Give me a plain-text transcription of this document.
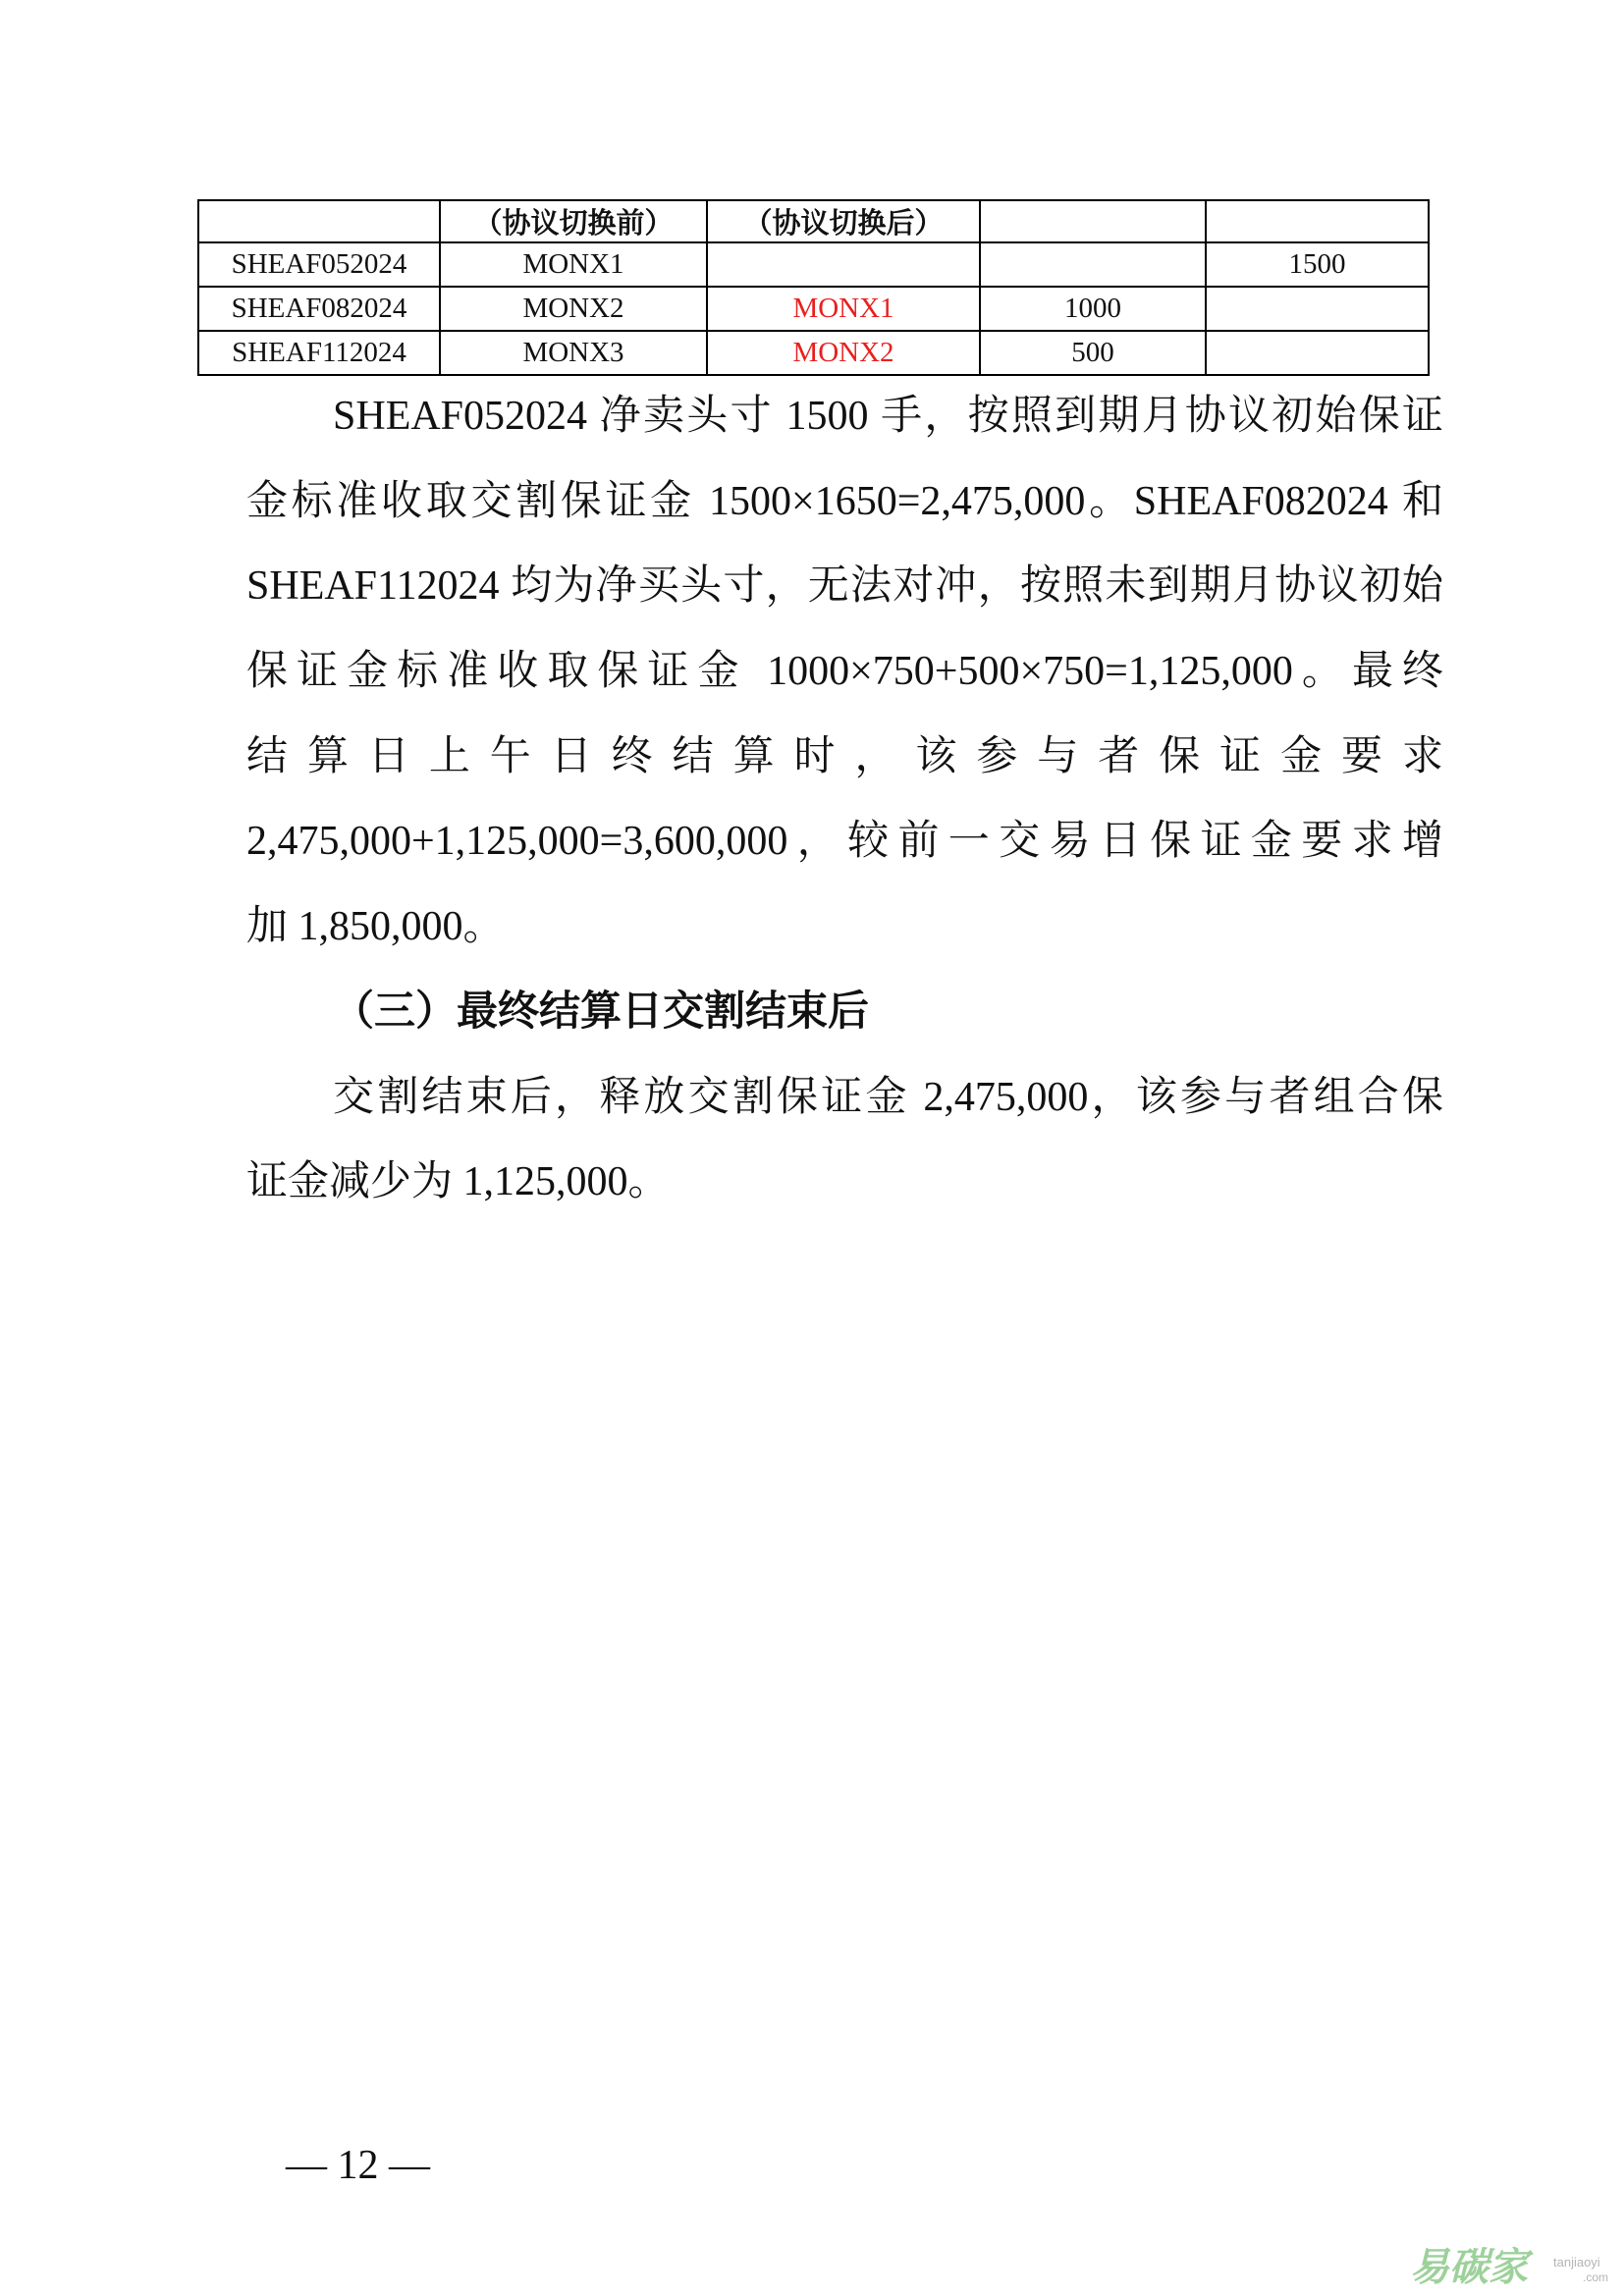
	（协议切换前）	（协议切换后）		
SHEAF052024	MONX1			1500
SHEAF082024	MONX2	MONX1	1000	
SHEAF112024	MONX3	MONX2	500	
SHEAF052024 净卖头寸 1500 手，按照到期月协议初始保证
金标准收取交割保证金 1500×1650=2,475,000。SHEAF082024 和
SHEAF112024 均为净买头寸，无法对冲，按照未到期月协议初始
保证金标准收取保证金 1000×750+500×750=1,125,000。最终
结算日上午日终结算时，该参与者保证金要求
2,475,000+1,125,000=3,600,000，较前一交易日保证金要求增
加 1,850,000。
（三）最终结算日交割结束后
交割结束后，释放交割保证金 2,475,000，该参与者组合保
证金减少为 1,125,000。
— 12 —
易碳家 tanjiaoyi
.com
